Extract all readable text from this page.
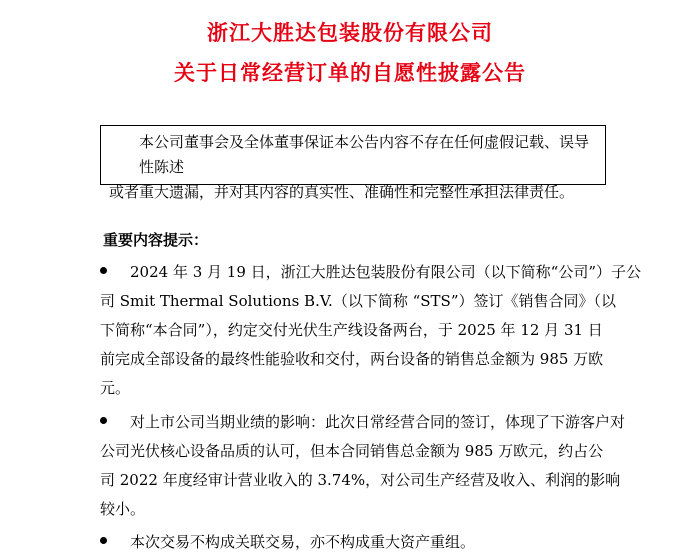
浙江大胜达包装股份有限公司
关于日常经营订单的自愿性披露公告
本公司董事会及全体董事保证本公告内容不存在任何虚假记载、误导性陈述
或者重大遗漏，并对其内容的真实性、准确性和完整性承担法律责任。
重要内容提示：
2024 年 3 月 19 日，浙江大胜达包装股份有限公司（以下简称“公司”）子公
司 Smit Thermal Solutions B.V.（以下简称 “STS”）签订《销售合同》（以
下简称“本合同”），约定交付光伏生产线设备两台，于 2025 年 12 月 31 日
前完成全部设备的最终性能验收和交付，两台设备的销售总金额为 985 万欧
元。
对上市公司当期业绩的影响：此次日常经营合同的签订，体现了下游客户对
公司光伏核心设备品质的认可，但本合同销售总金额为 985 万欧元，约占公
司 2022 年度经审计营业收入的 3.74%，对公司生产经营及收入、利润的影响
较小。
本次交易不构成关联交易，亦不构成重大资产重组。
